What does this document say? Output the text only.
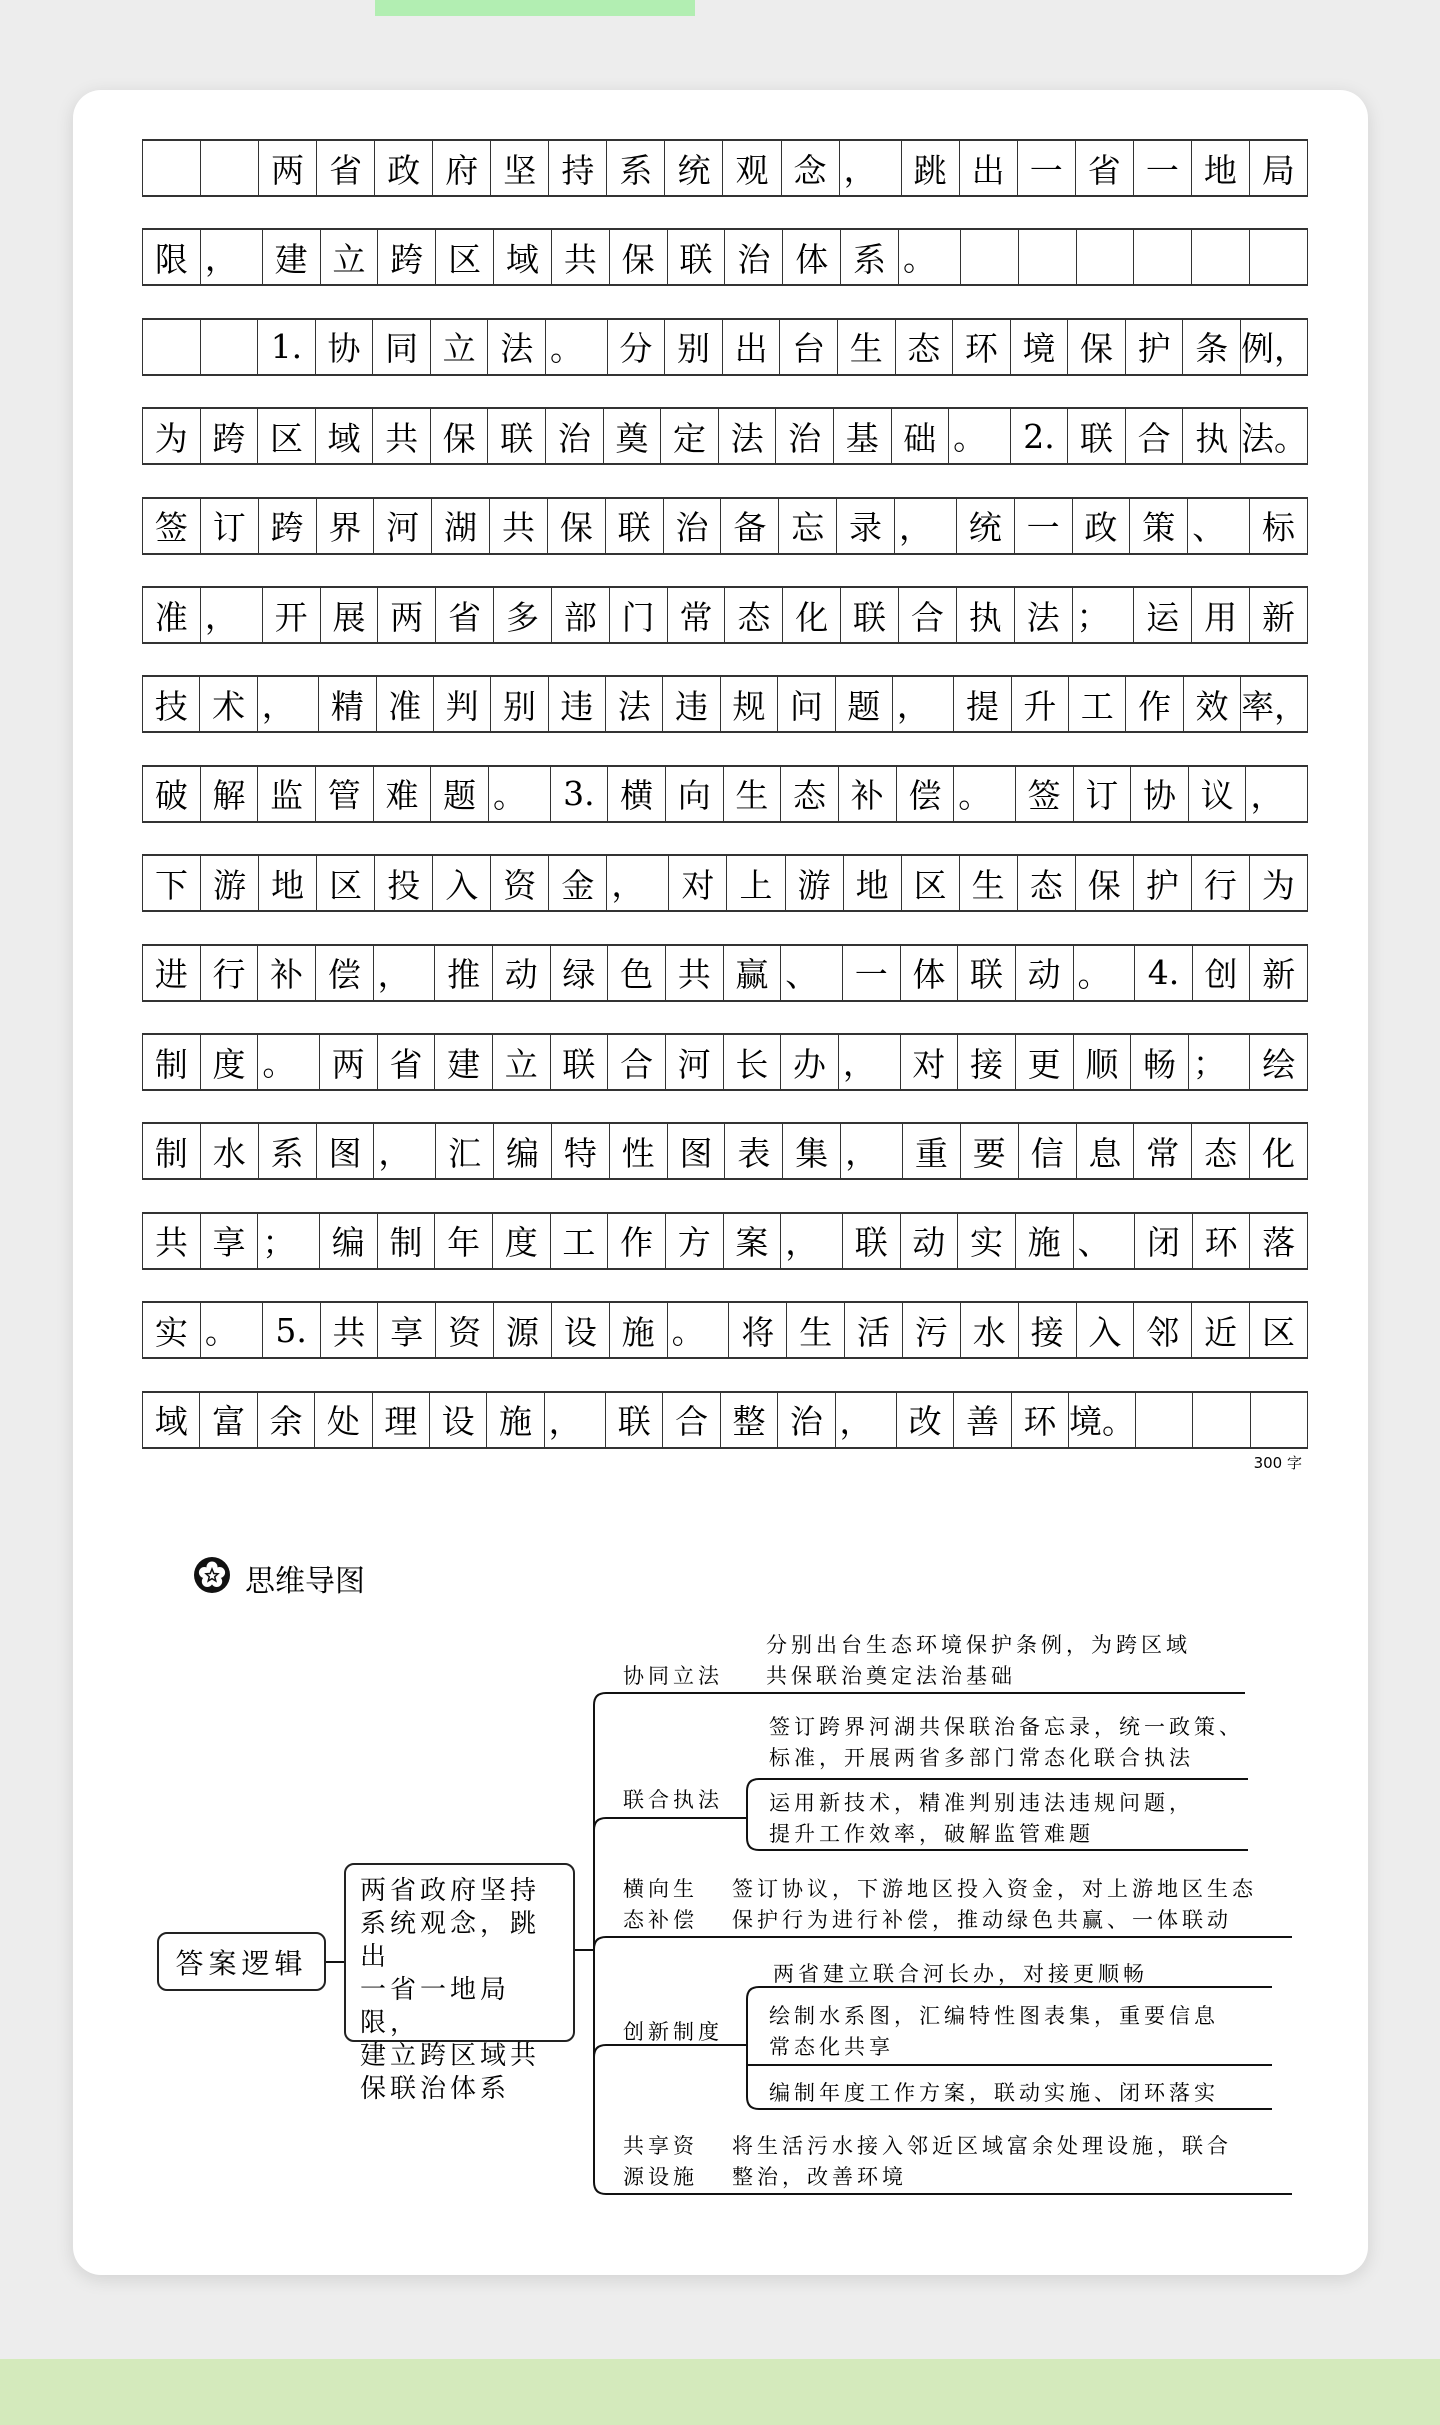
两 省 政 府 坚 持 系 统 观 念 ，	跳 出 一 省 一 地 局
限 ，	建 立 跨 区 域 共 保 联 治 体 系 。
1. 协 同 立 法 。	分 别 出 台 生 态 环 境 保 护 条 例，
为 跨 区 域 共 保 联 治 奠 定 法 治 基 础 。	2. 联 合 执 法。
签 订 跨 界 河 湖 共 保 联 治 备 忘 录 ，	统 一 政 策 、	标
准 ，	开 展 两 省 多 部 门 常 态 化 联 合 执 法 ；	运 用 新
技 术 ，	精 准 判 别 违 法 违 规 问 题 ，	提 升 工 作 效 率，
破 解 监 管 难 题 。	3. 横 向 生 态 补 偿 。	签 订 协 议 ，
下 游 地 区 投 入 资 金 ，	对 上 游 地 区 生 态 保 护 行 为
进 行 补 偿 ，	推 动 绿 色 共 赢 、	一 体 联 动 。	4. 创 新
制 度 。	两 省 建 立 联 合 河 长 办 ，	对 接 更 顺 畅 ；	绘
制 水 系 图 ，	汇 编 特 性 图 表 集 ，	重 要 信 息 常 态 化
共 享 ；	编 制 年 度 工 作 方 案 ，	联 动 实 施 、	闭 环 落
实 。	5. 共 享 资 源 设 施 。	将 生 活 污 水 接 入 邻 近 区
域 富 余 处 理 设 施 ，	联 合 整 治 ，	改 善 环 境。
300 字
思维导图
答案逻辑
两省政府坚持
系统观念，跳出
一省一地局限，
建立跨区域共
保联治体系
协同立法
分别出台生态环境保护条例，为跨区域
共保联治奠定法治基础
联合执法
签订跨界河湖共保联治备忘录，统一政策、
标准，开展两省多部门常态化联合执法
运用新技术，精准判别违法违规问题，
提升工作效率，破解监管难题
横向生
态补偿
签订协议，下游地区投入资金，对上游地区生态
保护行为进行补偿，推动绿色共赢、一体联动
创新制度
两省建立联合河长办，对接更顺畅
绘制水系图，汇编特性图表集，重要信息
常态化共享
编制年度工作方案，联动实施、闭环落实
共享资
源设施
将生活污水接入邻近区域富余处理设施，联合
整治，改善环境
